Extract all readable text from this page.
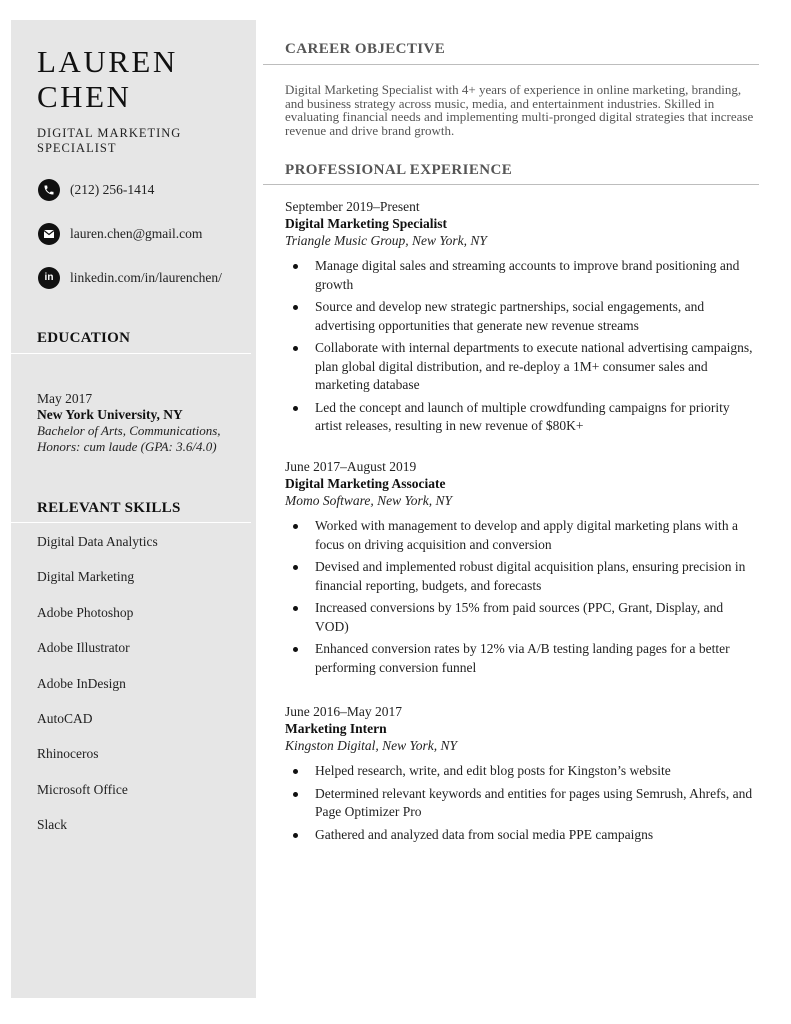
LAUREN
CHEN
DIGITAL MARKETING SPECIALIST
(212) 256-1414
lauren.chen@gmail.com
in linkedin.com/in/laurenchen/
EDUCATION
May 2017
New York University, NY
Bachelor of Arts, Communications,
Honors: cum laude (GPA: 3.6/4.0)
RELEVANT SKILLS
Digital Data Analytics
Digital Marketing
Adobe Photoshop
Adobe Illustrator
Adobe InDesign
AutoCAD
Rhinoceros
Microsoft Office
Slack
CAREER OBJECTIVE
Digital Marketing Specialist with 4+ years of experience in online marketing, branding, and business strategy across music, media, and entertainment industries. Skilled in evaluating financial needs and implementing multi-pronged digital strategies that increase revenue and drive brand growth.
PROFESSIONAL EXPERIENCE
September 2019–Present
Digital Marketing Specialist
Triangle Music Group, New York, NY
Manage digital sales and streaming accounts to improve brand positioning and growth
Source and develop new strategic partnerships, social engagements, and advertising opportunities that generate new revenue streams
Collaborate with internal departments to execute national advertising campaigns, plan global digital distribution, and re-deploy a 1M+ consumer sales and marketing database
Led the concept and launch of multiple crowdfunding campaigns for priority artist releases, resulting in new revenue of $80K+
June 2017–August 2019
Digital Marketing Associate
Momo Software, New York, NY
Worked with management to develop and apply digital marketing plans with a focus on driving acquisition and conversion
Devised and implemented robust digital acquisition plans, ensuring precision in financial reporting, budgets, and forecasts
Increased conversions by 15% from paid sources (PPC, Grant, Display, and VOD)
Enhanced conversion rates by 12% via A/B testing landing pages for a better performing conversion funnel
June 2016–May 2017
Marketing Intern
Kingston Digital, New York, NY
Helped research, write, and edit blog posts for Kingston’s website
Determined relevant keywords and entities for pages using Semrush, Ahrefs, and Page Optimizer Pro
Gathered and analyzed data from social media PPE campaigns
